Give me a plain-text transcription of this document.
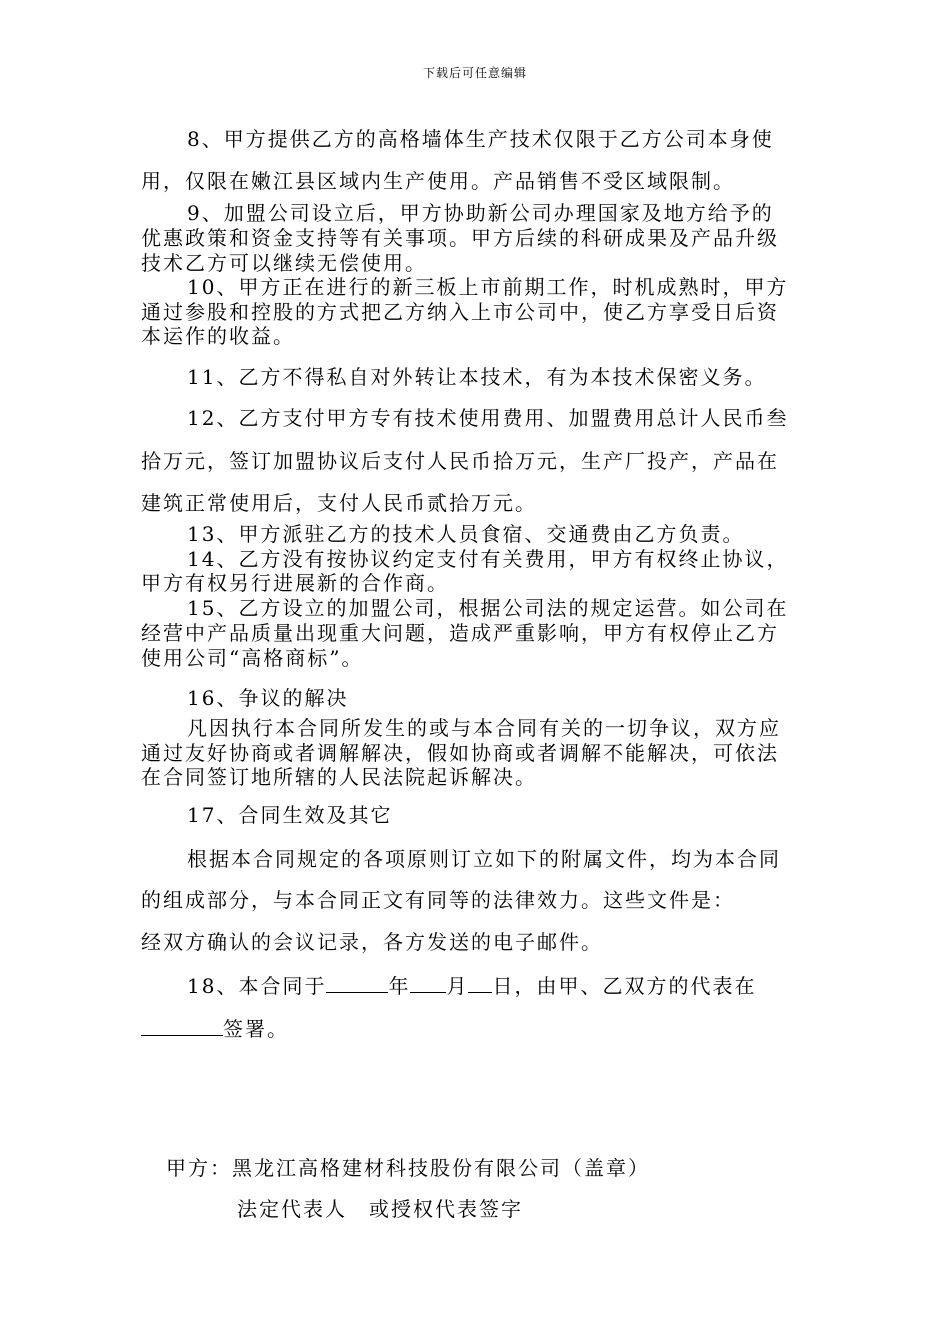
下载后可任意编辑
8、甲方提供乙方的高格墙体生产技术仅限于乙方公司本身使
用，仅限在嫩江县区域内生产使用。产品销售不受区域限制。
9、加盟公司设立后，甲方协助新公司办理国家及地方给予的
优惠政策和资金支持等有关事项。甲方后续的科研成果及产品升级
技术乙方可以继续无偿使用。
10、甲方正在进行的新三板上市前期工作，时机成熟时，甲方
通过参股和控股的方式把乙方纳入上市公司中，使乙方享受日后资
本运作的收益。
11、乙方不得私自对外转让本技术，有为本技术保密义务。
12、乙方支付甲方专有技术使用费用、加盟费用总计人民币叁
拾万元，签订加盟协议后支付人民币拾万元，生产厂投产，产品在
建筑正常使用后，支付人民币贰拾万元。
13、甲方派驻乙方的技术人员食宿、交通费由乙方负责。
14、乙方没有按协议约定支付有关费用，甲方有权终止协议，
甲方有权另行进展新的合作商。
15、乙方设立的加盟公司，根据公司法的规定运营。如公司在
经营中产品质量出现重大问题，造成严重影响，甲方有权停止乙方
使用公司“高格商标”。
16、争议的解决
凡因执行本合同所发生的或与本合同有关的一切争议，双方应
通过友好协商或者调解解决，假如协商或者调解不能解决，可依法
在合同签订地所辖的人民法院起诉解决。
17、合同生效及其它
根据本合同规定的各项原则订立如下的附属文件，均为本合同
的组成部分，与本合同正文有同等的法律效力。这些文件是：
经双方确认的会议记录，各方发送的电子邮件。
18、本合同于	年 月 日，由甲、乙双方的代表在
签署。
甲方：黑龙江高格建材科技股份有限公司（盖章）
法定代表人　或授权代表签字
